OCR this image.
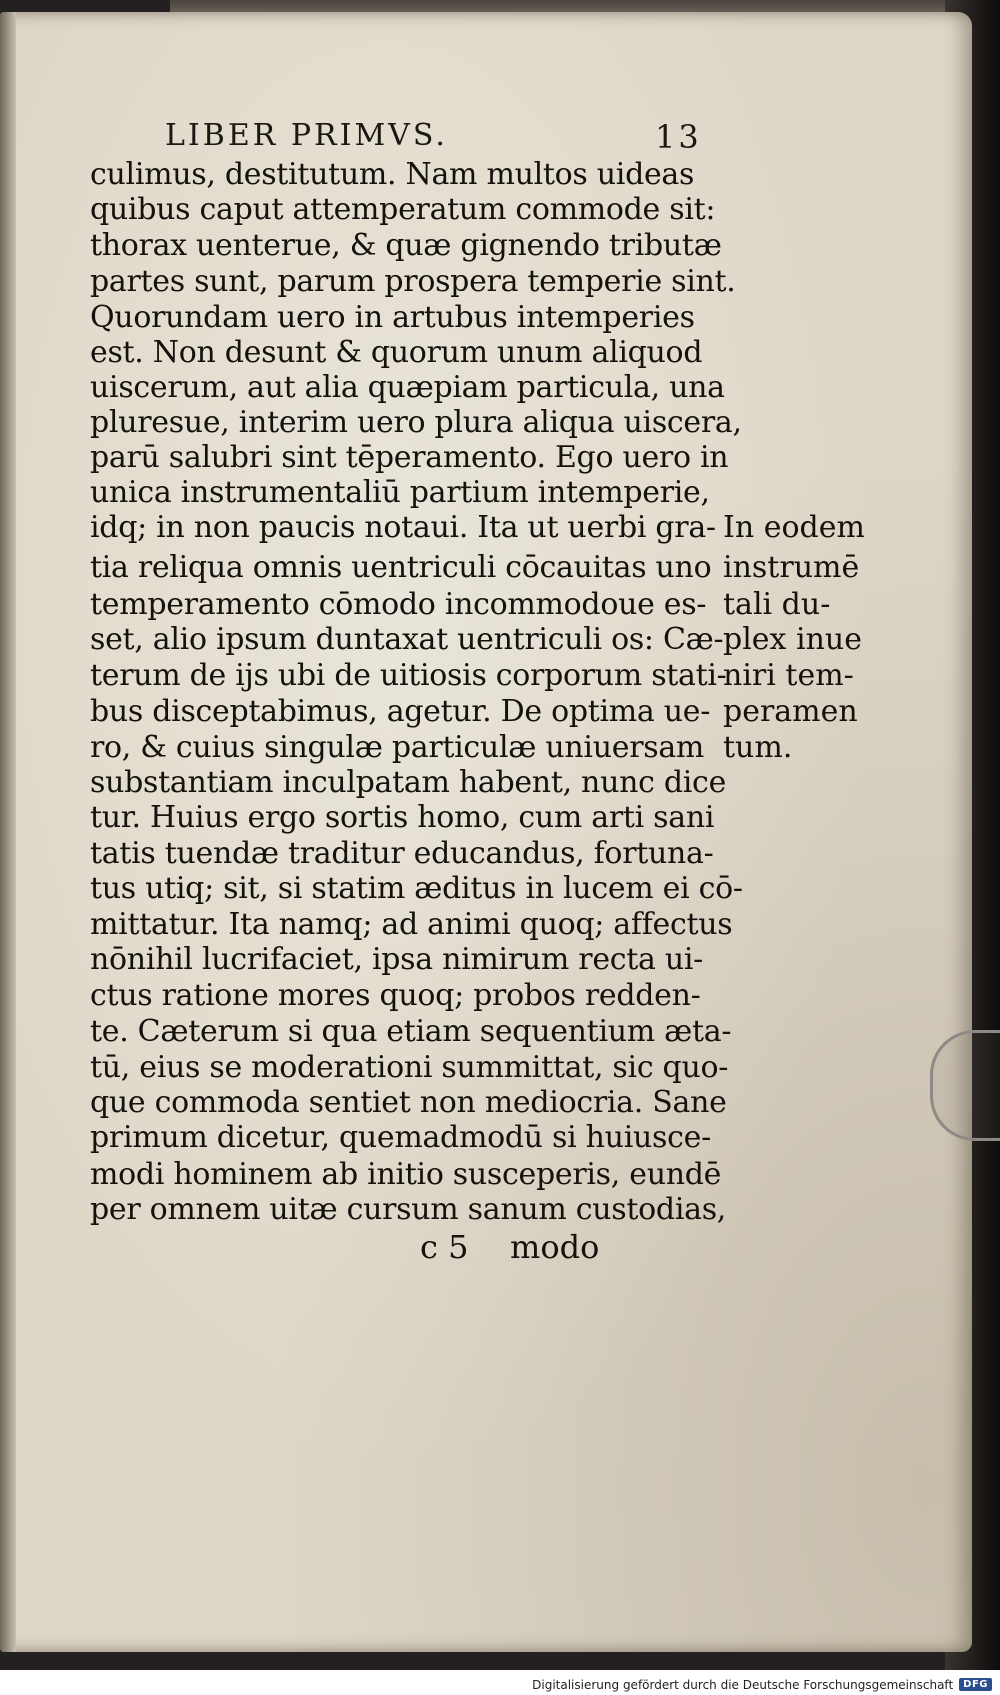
LIBER PRIMVS.	13
culimus, destitutum. Nam multos uideas
quibus caput attemperatum commode sit:
thorax uenterue, & quæ gignendo tributæ
partes sunt, parum prospera temperie sint.
Quorundam uero in artubus intemperies
est. Non desunt & quorum unum aliquod
uiscerum, aut alia quæpiam particula, una
pluresue, interim uero plura aliqua uiscera,
parū salubri sint tēperamento. Ego uero in
unica instrumentaliū partium intemperie,
idq; in non paucis notaui. Ita ut uerbi gra-
tia reliqua omnis uentriculi cōcauitas uno
temperamento cōmodo incommodoue es-
set, alio ipsum duntaxat uentriculi os: Cæ-
terum de ijs ubi de uitiosis corporum stati-
bus disceptabimus, agetur. De optima ue-
ro, & cuius singulæ particulæ uniuersam
substantiam inculpatam habent, nunc dice
tur. Huius ergo sortis homo, cum arti sani
tatis tuendæ traditur educandus, fortuna-
tus utiq; sit, si statim æditus in lucem ei cō-
mittatur. Ita namq; ad animi quoq; affectus
nōnihil lucrifaciet, ipsa nimirum recta ui-
ctus ratione mores quoq; probos redden-
te. Cæterum si qua etiam sequentium æta-
tū, eius se moderationi summittat, sic quo-
que commoda sentiet non mediocria. Sane
primum dicetur, quemadmodū si huiusce-
modi hominem ab initio susceperis, eundē
per omnem uitæ cursum sanum custodias,
In eodem
instrumē
tali du-
plex inue
niri tem-
peramen
tum.
c 5 modo
Digitalisierung gefördert durch die Deutsche Forschungsgemeinschaft	DFG
